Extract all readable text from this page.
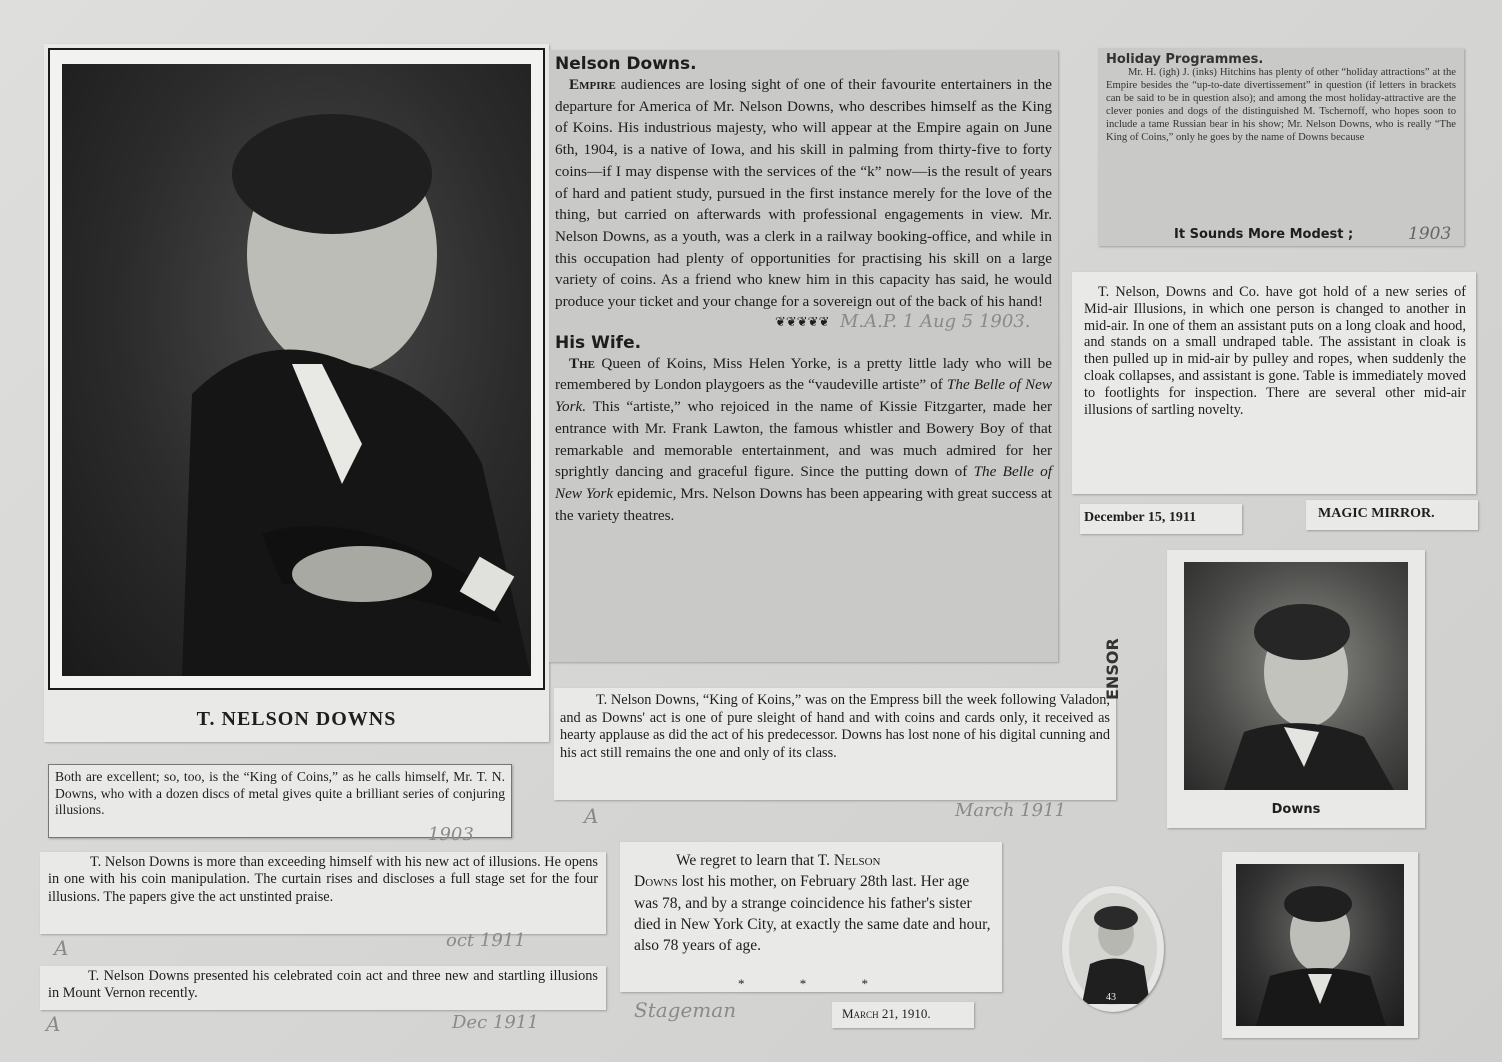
T. NELSON DOWNS
Nelson Downs.

Empire audiences are losing sight of one of their favourite entertainers in the departure for America of Mr. Nelson Downs, who describes himself as the King of Koins. His industrious majesty, who will appear at the Empire again on June 6th, 1904, is a native of Iowa, and his skill in palming from thirty-five to forty coins—if I may dispense with the services of the “k” now—is the result of years of hard and patient study, pursued in the first instance merely for the love of the thing, but carried on afterwards with professional engagements in view. Mr. Nelson Downs, as a youth, was a clerk in a railway booking-office, and while in this occupation had plenty of opportunities for practising his skill on a large variety of coins. As a friend who knew him in this capacity has said, he would produce your ticket and your change for a sovereign out of the back of his hand!

❦❦❦❦❦ M.A.P. 1 Aug 5 1903.
His Wife.

The Queen of Koins, Miss Helen Yorke, is a pretty little lady who will be remembered by London playgoers as the “vaudeville artiste” of The Belle of New York. This “artiste,” who rejoiced in the name of Kissie Fitzgarter, made her entrance with Mr. Frank Lawton, the famous whistler and Bowery Boy of that remarkable and memorable entertainment, and was much admired for her sprightly dancing and graceful figure. Since the putting down of The Belle of New York epidemic, Mrs. Nelson Downs has been appearing with great success at the variety theatres.

Holiday Programmes.

Mr. H. (igh) J. (inks) Hitchins has plenty of other “holiday attractions” at the Empire besides the “up-to-date divertissement” in question (if letters in brackets can be said to be in question also); and among the most holiday-attractive are the clever ponies and dogs of the distinguished M. Tschernoff, who hopes soon to include a tame Russian bear in his show; Mr. Nelson Downs, who is really “The King of Coins,” only he goes by the name of Downs because

It Sounds More Modest ;	1903

T. Nelson, Downs and Co. have got hold of a new series of Mid-air Illusions, in which one person is changed to another in mid-air. In one of them an assistant puts on a long cloak and hood, and stands on a small undraped table. The assistant in cloak is then pulled up in mid-air by pulley and ropes, when suddenly the cloak collapses, and assistant is gone. Table is immediately moved to footlights for inspection. There are several other mid-air illusions of sartling novelty.

December 15, 1911	MAGIC MIRROR.

T. Nelson Downs, “King of Koins,” was on the Empress bill the week following Valadon, and as Downs' act is one of pure sleight of hand and with coins and cards only, it received as hearty applause as did the act of his predecessor. Downs has lost none of his digital cunning and his act still remains the one and only of its class.

ENSOR
March 1911
A	Downs

Both are excellent; so, too, is the “King of Coins,” as he calls himself, Mr. T. N. Downs, who with a dozen discs of metal gives quite a brilliant series of conjuring illusions.

1903

T. Nelson Downs is more than exceeding himself with his new act of illusions. He opens in one with his coin manipulation. The curtain rises and discloses a full stage set for the four illusions. The papers give the act unstinted praise.

A	oct 1911

T. Nelson Downs presented his celebrated coin act and three new and startling illusions in Mount Vernon recently.

A	Dec 1911
Stageman

We regret to learn that T. Nelson
Downs lost his mother, on February 28th last. Her age was 78, and by a strange coincidence his father's sister died in New York City, at exactly the same date and hour, also 78 years of age.

* * *
March 21, 1910.
43
